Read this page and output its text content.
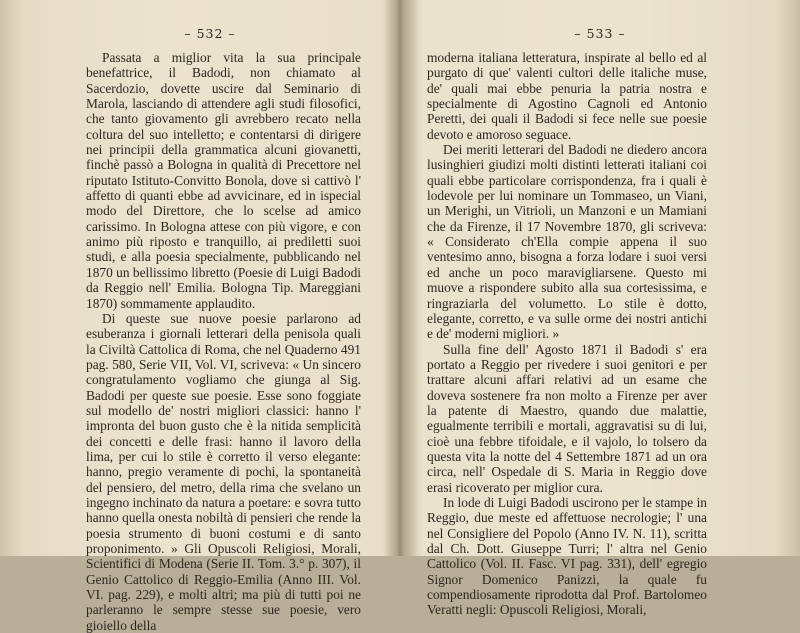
– 532 –

Passata a miglior vita la sua principale benefattrice, il Badodi, non chiamato al Sacerdozio, dovette uscire dal Seminario di Marola, lasciando di attendere agli studi filosofici, che tanto giovamento gli avrebbero recato nella coltura del suo intelletto; e contentarsi di dirigere nei principii della grammatica alcuni giovanetti, finchè passò a Bologna in qualità di Precettore nel riputato Istituto-Convitto Bonola, dove si cattivò l' affetto di quanti ebbe ad avvicinare, ed in ispecial modo del Direttore, che lo scelse ad amico carissimo. In Bologna attese con più vigore, e con animo più riposto e tranquillo, ai prediletti suoi studi, e alla poesia specialmente, pubblicando nel 1870 un bellissimo libretto (Poesie di Luigi Badodi da Reggio nell' Emilia. Bologna Tip. Mareggiani 1870) sommamente applaudito.

Di queste sue nuove poesie parlarono ad esuberanza i giornali letterari della penisola quali la Civiltà Cattolica di Roma, che nel Quaderno 491 pag. 580, Serie VII, Vol. VI, scriveva: « Un sincero congratulamento vogliamo che giunga al Sig. Badodi per queste sue poesie. Esse sono foggiate sul modello de' nostri migliori classici: hanno l' impronta del buon gusto che è la nitida semplicità dei concetti e delle frasi: hanno il lavoro della lima, per cui lo stile è corretto il verso elegante: hanno, pregio veramente di pochi, la spontaneità del pensiero, del metro, della rima che svelano un ingegno inchinato da natura a poetare: e sovra tutto hanno quella onesta nobiltà di pensieri che rende la poesia strumento di buoni costumi e di santo proponimento. » Gli Opuscoli Religiosi, Morali, Scientifici di Modena (Serie II. Tom. 3.° p. 307), il Genio Cattolico di Reggio-Emilia (Anno III. Vol. VI. pag. 229), e molti altri; ma più di tutti poi ne parleranno le sempre stesse sue poesie, vero gioiello della

– 533 –

moderna italiana letteratura, inspirate al bello ed al purgato di que' valenti cultori delle italiche muse, de' quali mai ebbe penuria la patria nostra e specialmente di Agostino Cagnoli ed Antonio Peretti, dei quali il Badodi si fece nelle sue poesie devoto e amoroso seguace.

Dei meriti letterari del Badodi ne diedero ancora lusinghieri giudizi molti distinti letterati italiani coi quali ebbe particolare corrispondenza, fra i quali è lodevole per lui nominare un Tommaseo, un Viani, un Merighi, un Vitrioli, un Manzoni e un Mamiani che da Firenze, il 17 Novembre 1870, gli scriveva: « Considerato ch'Ella compie appena il suo ventesimo anno, bisogna a forza lodare i suoi versi ed anche un poco maravigliarsene. Questo mi muove a rispondere subito alla sua cortesissima, e ringraziarla del volumetto. Lo stile è dotto, elegante, corretto, e va sulle orme dei nostri antichi e de' moderni migliori. »

Sulla fine dell' Agosto 1871 il Badodi s' era portato a Reggio per rivedere i suoi genitori e per trattare alcuni affari relativi ad un esame che doveva sostenere fra non molto a Firenze per aver la patente di Maestro, quando due malattie, egualmente terribili e mortali, aggravatisi su di lui, cioè una febbre tifoidale, e il vajolo, lo tolsero da questa vita la notte del 4 Settembre 1871 ad un ora circa, nell' Ospedale di S. Maria in Reggio dove erasi ricoverato per miglior cura.

In lode di Luigi Badodi uscirono per le stampe in Reggio, due meste ed affettuose necrologie; l' una nel Consigliere del Popolo (Anno IV. N. 11), scritta dal Ch. Dott. Giuseppe Turri; l' altra nel Genio Cattolico (Vol. II. Fasc. VI pag. 331), dell' egregio Signor Domenico Panizzi, la quale fu compendiosamente riprodotta dal Prof. Bartolomeo Veratti negli: Opuscoli Religiosi, Morali,
